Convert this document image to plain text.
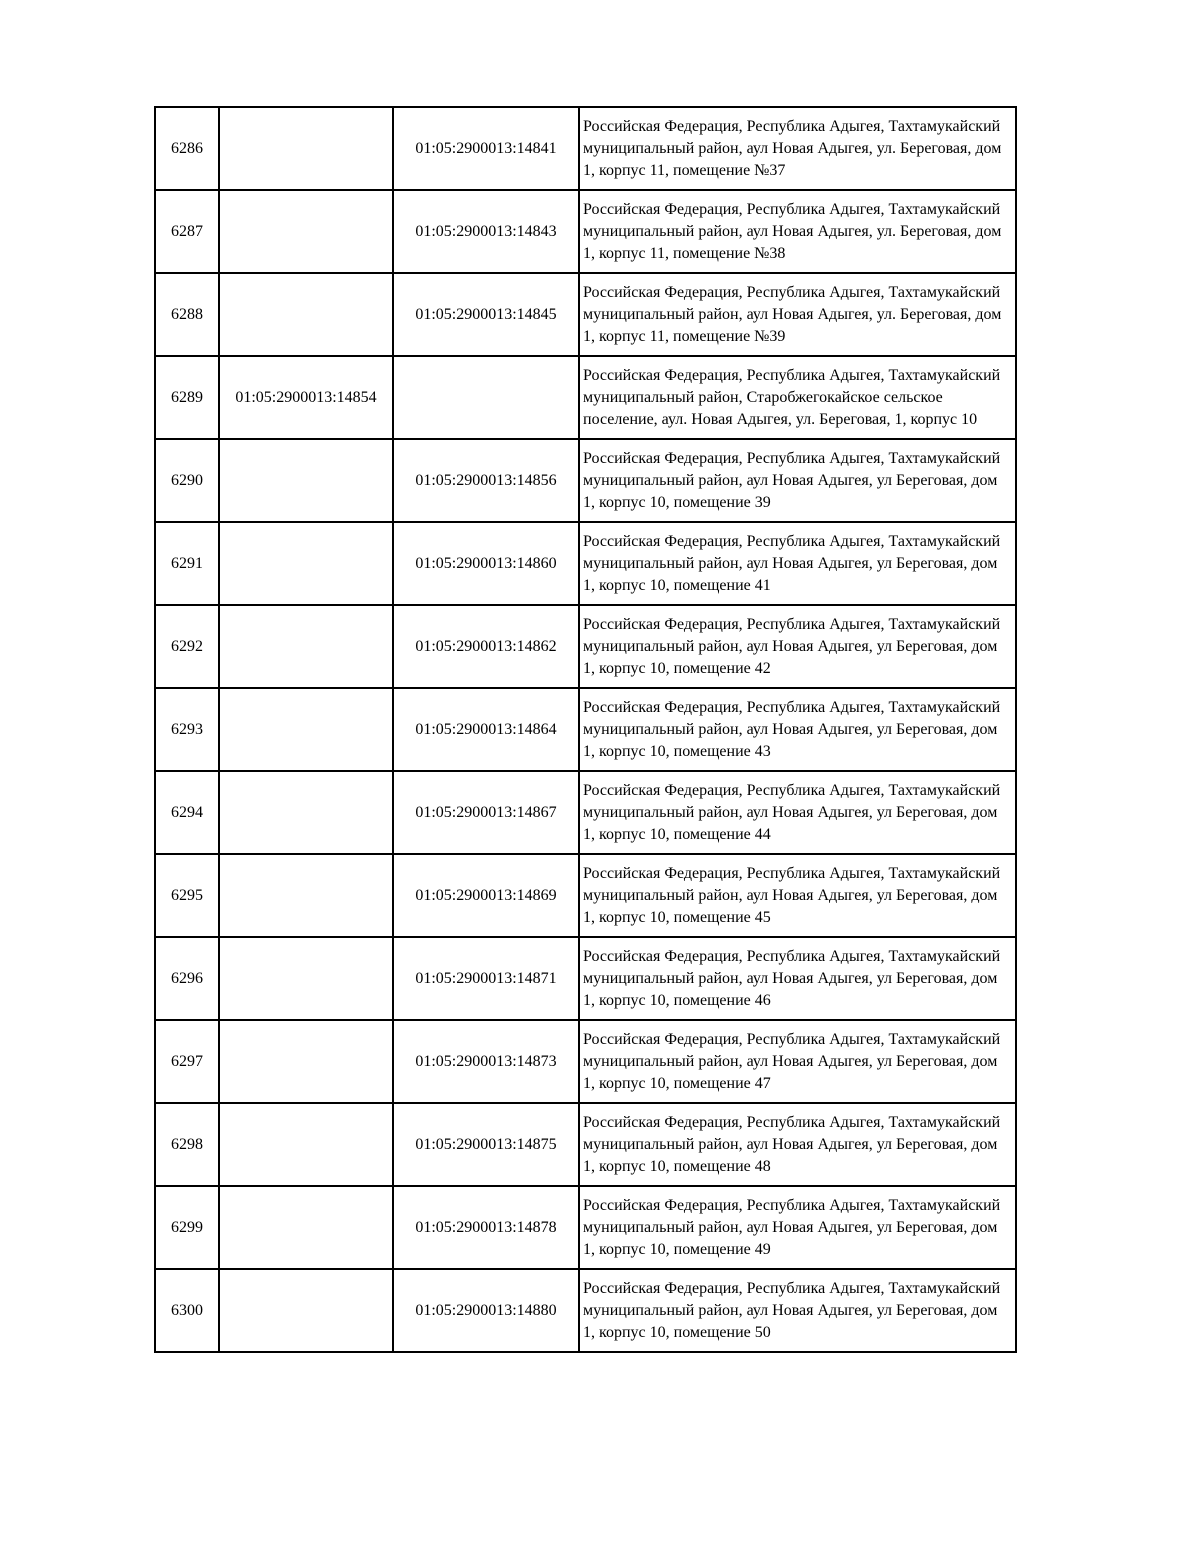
6286		01:05:2900013:14841	Российская Федерация, Республика Адыгея, Тахтамукайский муниципальный район, аул Новая Адыгея, ул. Береговая, дом 1, корпус 11, помещение №37
6287		01:05:2900013:14843	Российская Федерация, Республика Адыгея, Тахтамукайский муниципальный район, аул Новая Адыгея, ул. Береговая, дом 1, корпус 11, помещение №38
6288		01:05:2900013:14845	Российская Федерация, Республика Адыгея, Тахтамукайский муниципальный район, аул Новая Адыгея, ул. Береговая, дом 1, корпус 11, помещение №39
6289	01:05:2900013:14854		Российская Федерация, Республика Адыгея, Тахтамукайский муниципальный район, Старобжегокайское сельское поселение, аул. Новая Адыгея, ул. Береговая, 1, корпус 10
6290		01:05:2900013:14856	Российская Федерация, Республика Адыгея, Тахтамукайский муниципальный район, аул Новая Адыгея, ул Береговая, дом 1, корпус 10, помещение 39
6291		01:05:2900013:14860	Российская Федерация, Республика Адыгея, Тахтамукайский муниципальный район, аул Новая Адыгея, ул Береговая, дом 1, корпус 10, помещение 41
6292		01:05:2900013:14862	Российская Федерация, Республика Адыгея, Тахтамукайский муниципальный район, аул Новая Адыгея, ул Береговая, дом 1, корпус 10, помещение 42
6293		01:05:2900013:14864	Российская Федерация, Республика Адыгея, Тахтамукайский муниципальный район, аул Новая Адыгея, ул Береговая, дом 1, корпус 10, помещение 43
6294		01:05:2900013:14867	Российская Федерация, Республика Адыгея, Тахтамукайский муниципальный район, аул Новая Адыгея, ул Береговая, дом 1, корпус 10, помещение 44
6295		01:05:2900013:14869	Российская Федерация, Республика Адыгея, Тахтамукайский муниципальный район, аул Новая Адыгея, ул Береговая, дом 1, корпус 10, помещение 45
6296		01:05:2900013:14871	Российская Федерация, Республика Адыгея, Тахтамукайский муниципальный район, аул Новая Адыгея, ул Береговая, дом 1, корпус 10, помещение 46
6297		01:05:2900013:14873	Российская Федерация, Республика Адыгея, Тахтамукайский муниципальный район, аул Новая Адыгея, ул Береговая, дом 1, корпус 10, помещение 47
6298		01:05:2900013:14875	Российская Федерация, Республика Адыгея, Тахтамукайский муниципальный район, аул Новая Адыгея, ул Береговая, дом 1, корпус 10, помещение 48
6299		01:05:2900013:14878	Российская Федерация, Республика Адыгея, Тахтамукайский муниципальный район, аул Новая Адыгея, ул Береговая, дом 1, корпус 10, помещение 49
6300		01:05:2900013:14880	Российская Федерация, Республика Адыгея, Тахтамукайский муниципальный район, аул Новая Адыгея, ул Береговая, дом 1, корпус 10, помещение 50
